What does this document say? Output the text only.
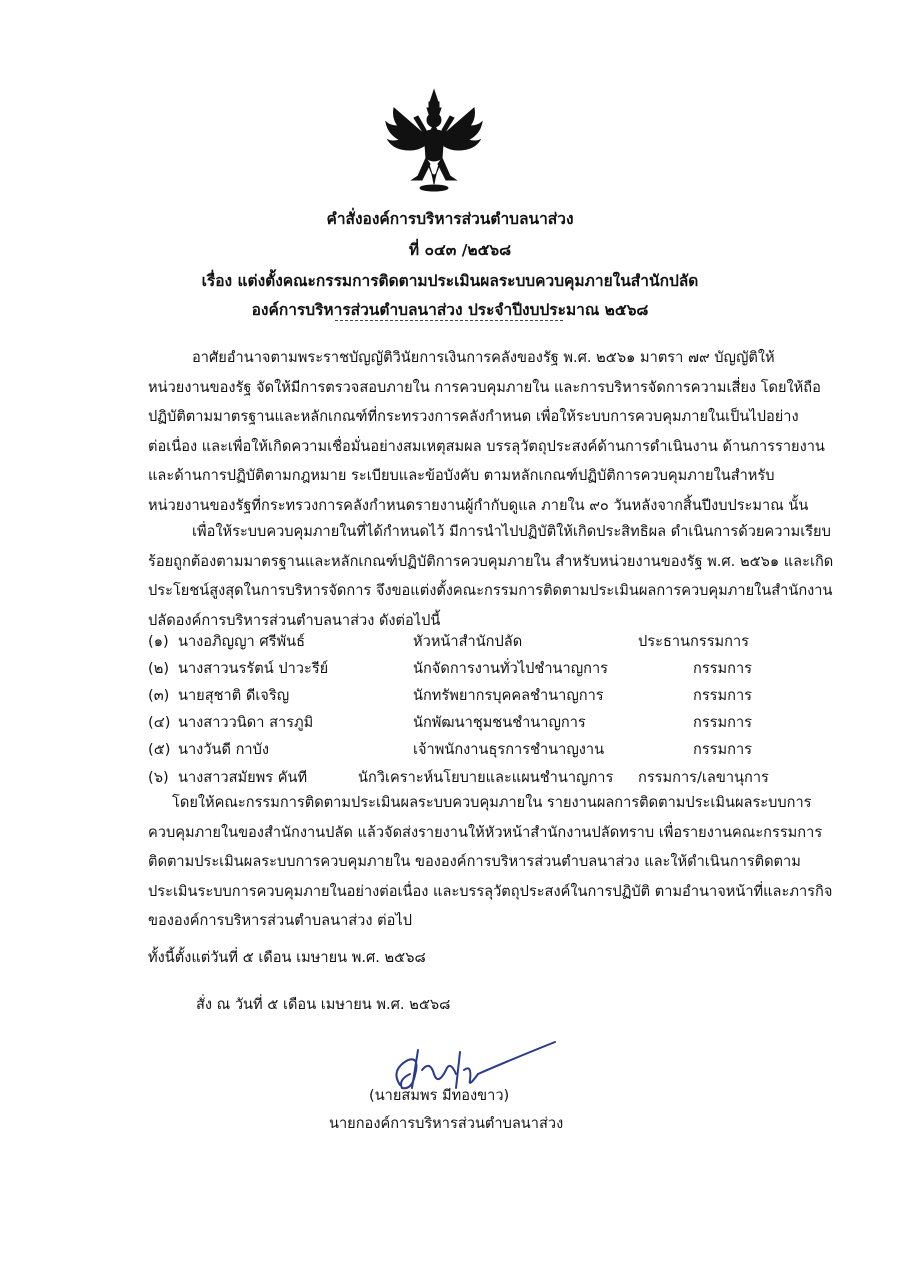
คำสั่งองค์การบริหารส่วนตำบลนาส่วง
ที่ ๐๔๓ /๒๕๖๘
เรื่อง แต่งตั้งคณะกรรมการติดตามประเมินผลระบบควบคุมภายในสำนักปลัด
องค์การบริหารส่วนตำบลนาส่วง ประจำปีงบประมาณ ๒๕๖๘
อาศัยอำนาจตามพระราชบัญญัติวินัยการเงินการคลังของรัฐ พ.ศ. ๒๕๖๑ มาตรา ๗๙ บัญญัติให้
หน่วยงานของรัฐ จัดให้มีการตรวจสอบภายใน การควบคุมภายใน และการบริหารจัดการความเสี่ยง โดยให้ถือ
ปฏิบัติตามมาตรฐานและหลักเกณฑ์ที่กระทรวงการคลังกำหนด เพื่อให้ระบบการควบคุมภายในเป็นไปอย่าง
ต่อเนื่อง และเพื่อให้เกิดความเชื่อมั่นอย่างสมเหตุสมผล บรรลุวัตถุประสงค์ด้านการดำเนินงาน ด้านการรายงาน
และด้านการปฏิบัติตามกฎหมาย ระเบียบและข้อบังคับ ตามหลักเกณฑ์ปฏิบัติการควบคุมภายในสำหรับ
หน่วยงานของรัฐที่กระทรวงการคลังกำหนดรายงานผู้กำกับดูแล ภายใน ๙๐ วันหลังจากสิ้นปีงบประมาณ นั้น
เพื่อให้ระบบควบคุมภายในที่ได้กำหนดไว้ มีการนำไปปฏิบัติให้เกิดประสิทธิผล ดำเนินการด้วยความเรียบ
ร้อยถูกต้องตามมาตรฐานและหลักเกณฑ์ปฏิบัติการควบคุมภายใน สำหรับหน่วยงานของรัฐ พ.ศ. ๒๕๖๑ และเกิด
ประโยชน์สูงสุดในการบริหารจัดการ จึงขอแต่งตั้งคณะกรรมการติดตามประเมินผลการควบคุมภายในสำนักงาน
ปลัดองค์การบริหารส่วนตำบลนาส่วง ดังต่อไปนี้
(๑) นางอภิญญา ศรีพันธ์	หัวหน้าสำนักปลัด	ประธานกรรมการ
(๒) นางสาวนรรัตน์ ปาวะรีย์	นักจัดการงานทั่วไปชำนาญการ	กรรมการ
(๓) นายสุชาติ ดีเจริญ	นักทรัพยากรบุคคลชำนาญการ	กรรมการ
(๔) นางสาววนิดา สารภูมิ	นักพัฒนาชุมชนชำนาญการ	กรรมการ
(๕) นางวันดี กาบัง	เจ้าพนักงานธุรการชำนาญงาน	กรรมการ
(๖) นางสาวสมัยพร คันที	นักวิเคราะห์นโยบายและแผนชำนาญการ กรรมการ/เลขานุการ
โดยให้คณะกรรมการติดตามประเมินผลระบบควบคุมภายใน รายงานผลการติดตามประเมินผลระบบการ
ควบคุมภายในของสำนักงานปลัด แล้วจัดส่งรายงานให้หัวหน้าสำนักงานปลัดทราบ เพื่อรายงานคณะกรรมการ
ติดตามประเมินผลระบบการควบคุมภายใน ขององค์การบริหารส่วนตำบลนาส่วง และให้ดำเนินการติดตาม
ประเมินระบบการควบคุมภายในอย่างต่อเนื่อง และบรรลุวัตถุประสงค์ในการปฏิบัติ ตามอำนาจหน้าที่และภารกิจ
ขององค์การบริหารส่วนตำบลนาส่วง ต่อไป
ทั้งนี้ตั้งแต่วันที่ ๕ เดือน เมษายน พ.ศ. ๒๕๖๘
สั่ง ณ วันที่ ๕ เดือน เมษายน พ.ศ. ๒๕๖๘
(นายสมพร มีทองขาว)
นายกองค์การบริหารส่วนตำบลนาส่วง
